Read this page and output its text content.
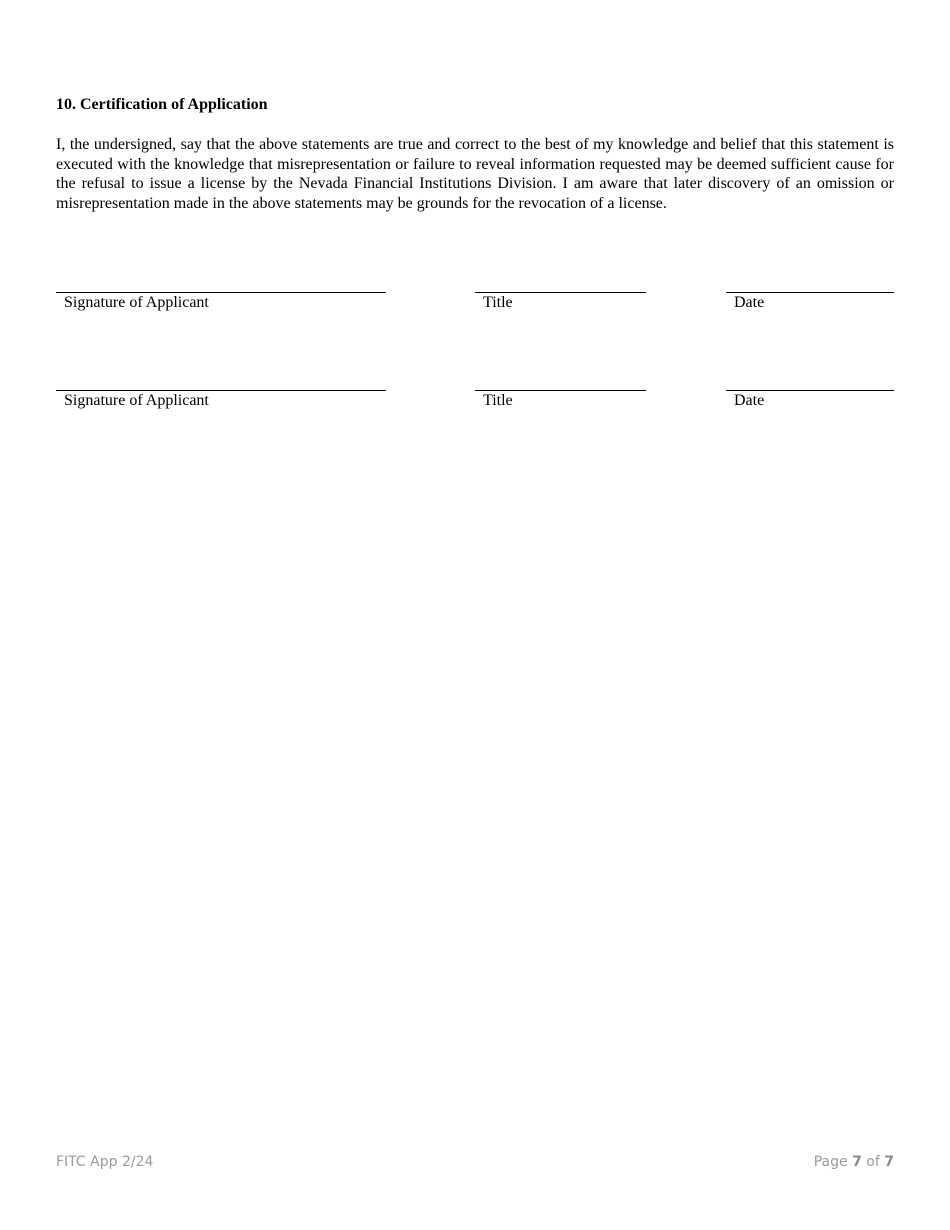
10. Certification of Application

I, the undersigned, say that the above statements are true and correct to the best of my knowledge and belief that this statement is executed with the knowledge that misrepresentation or failure to reveal information requested may be deemed sufficient cause for the refusal to issue a license by the Nevada Financial Institutions Division. I am aware that later discovery of an omission or misrepresentation made in the above statements may be grounds for the revocation of a license.

Signature of Applicant	Title	Date
Signature of Applicant	Title	Date
FITC App 2/24	Page 7 of 7
